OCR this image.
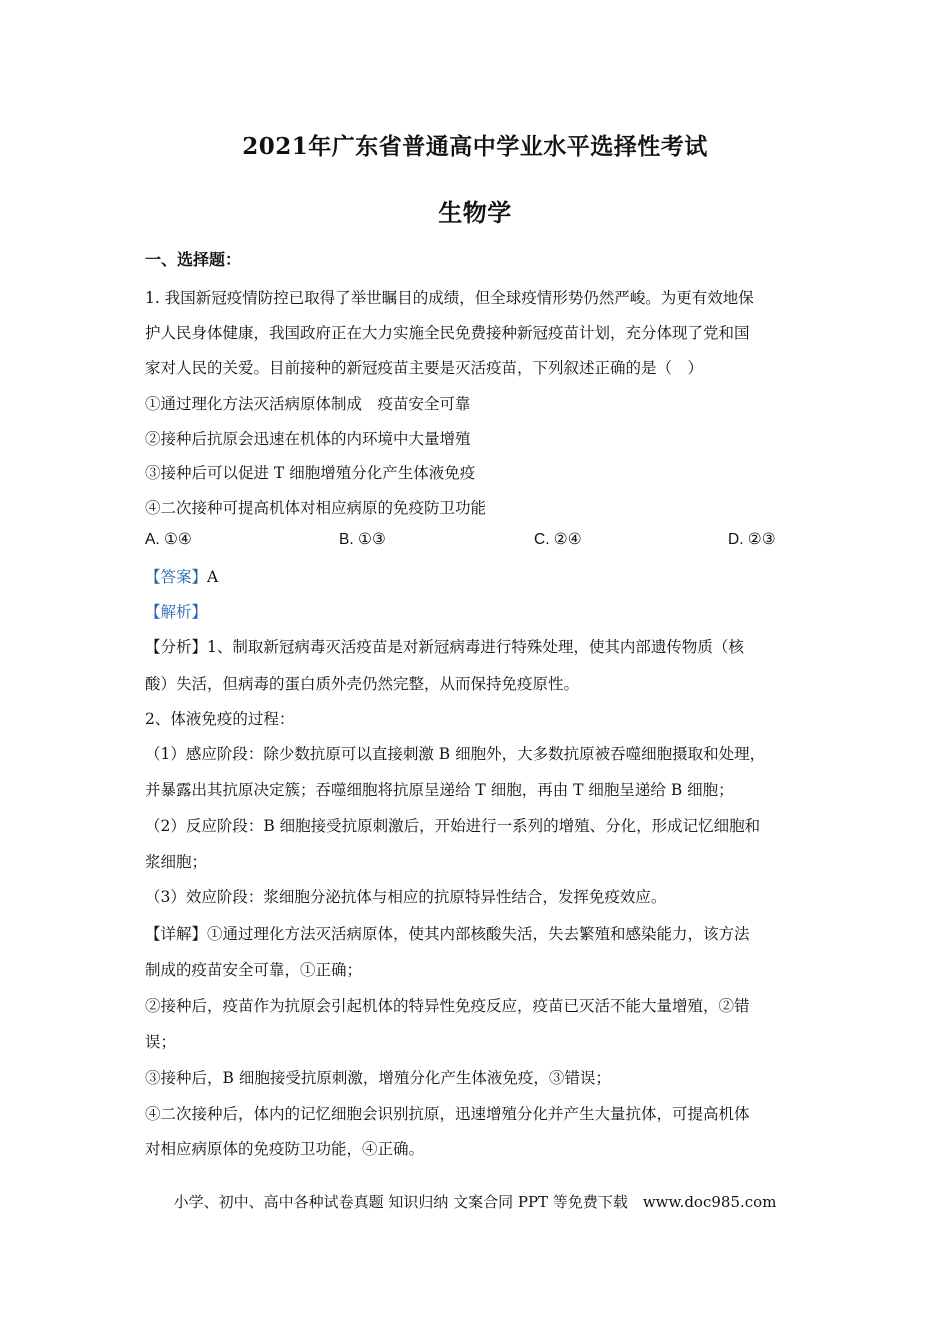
2021年广东省普通高中学业水平选择性考试
生物学
一、选择题：
1. 我国新冠疫情防控已取得了举世瞩目的成绩，但全球疫情形势仍然严峻。为更有效地保
护人民身体健康，我国政府正在大力实施全民免费接种新冠疫苗计划，充分体现了党和国
家对人民的关爱。目前接种的新冠疫苗主要是灭活疫苗，下列叙述正确的是（　）
①通过理化方法灭活病原体制成　疫苗安全可靠
②接种后抗原会迅速在机体的内环境中大量增殖
③接种后可以促进 T 细胞增殖分化产生体液免疫
④二次接种可提高机体对相应病原的免疫防卫功能
A. ①④	B. ①③	C. ②④	D. ②③
【答案】A
【解析】
【分析】1、制取新冠病毒灭活疫苗是对新冠病毒进行特殊处理，使其内部遗传物质（核
酸）失活，但病毒的蛋白质外壳仍然完整，从而保持免疫原性。
2、体液免疫的过程：
（1）感应阶段：除少数抗原可以直接刺激 B 细胞外，大多数抗原被吞噬细胞摄取和处理，
并暴露出其抗原决定簇；吞噬细胞将抗原呈递给 T 细胞，再由 T 细胞呈递给 B 细胞；
（2）反应阶段：B 细胞接受抗原刺激后，开始进行一系列的增殖、分化，形成记忆细胞和
浆细胞；
（3）效应阶段：浆细胞分泌抗体与相应的抗原特异性结合，发挥免疫效应。
【详解】①通过理化方法灭活病原体，使其内部核酸失活，失去繁殖和感染能力，该方法
制成的疫苗安全可靠，①正确；
②接种后，疫苗作为抗原会引起机体的特异性免疫反应，疫苗已灭活不能大量增殖，②错
误；
③接种后，B 细胞接受抗原刺激，增殖分化产生体液免疫，③错误；
④二次接种后，体内的记忆细胞会识别抗原，迅速增殖分化并产生大量抗体，可提高机体
对相应病原体的免疫防卫功能，④正确。
小学、初中、高中各种试卷真题 知识归纳 文案合同 PPT 等免费下载　www.doc985.com
